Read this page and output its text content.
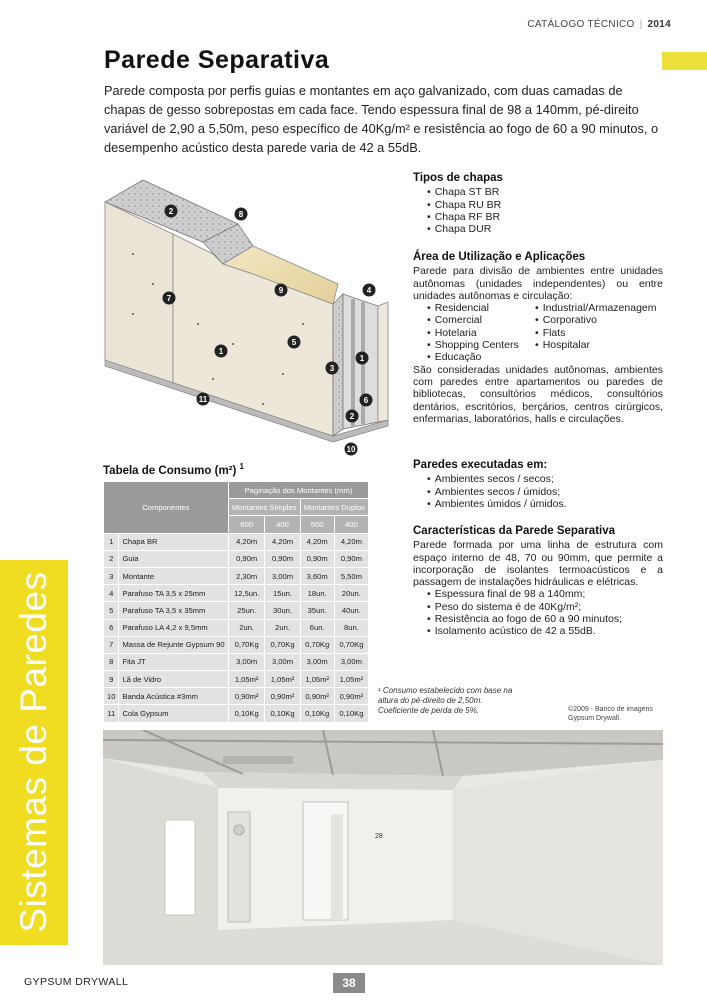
CATÁLOGO TÉCNICO | 2014
Sistemas de Paredes
Parede Separativa

Parede composta por perfis guias e montantes em aço galvanizado, com duas camadas de chapas de gesso sobrepostas em cada face. Tendo espessura final de 98 a 140mm, pé-direito variável de 2,90 a 5,50m, peso específico de 40Kg/m² e resistência ao fogo de 60 a 90 minutos, o desempenho acústico desta parede varia de 42 a 55dB.

2	8
7
9	4
5
1
3
1
11	6
2
10
Tipos de chapas
• Chapa ST BR
• Chapa RU BR
• Chapa RF BR
• Chapa DUR
Área de Utilização e Aplicações

Parede para divisão de ambientes entre unidades autônomas (unidades independentes) ou entre unidades autônomas e circulação:

• Residencial
• Comercial
• Hotelaria
• Shopping Centers
• Educação
• Industrial/Armazenagem
• Corporativo
• Flats
• Hospitalar

São consideradas unidades autônomas, ambientes com paredes entre apartamentos ou paredes de bibliotecas, consultórios médicos, consultórios dentários, escritórios, berçários, centros cirúrgicos, enfermarias, laboratórios, halls e circulações.

Paredes executadas em:
• Ambientes secos / secos;
• Ambientes secos / úmidos;
• Ambientes úmidos / úmidos.
Características da Parede Separativa

Parede formada por uma linha de estrutura com espaço interno de 48, 70 ou 90mm, que permite a incorporação de isolantes termoacústicos e a passagem de instalações hidráulicas e elétricas.

• Espessura final de 98 a 140mm;
• Peso do sistema é de 40Kg/m²;
• Resistência ao fogo de 60 a 90 minutos;
• Isolamento acústico de 42 a 55dB.
Tabela de Consumo (m²) $^1$
Componentes		Paginação dos Montantes (mm)			
		Montantes Simples		Montantes Duplos	
		600	400	600	400
1	Chapa BR	4,20m	4,20m	4,20m	4,20m
2	Guia	0,90m	0,90m	0,90m	0,90m
3	Montante	2,30m	3,00m	3,60m	5,50m
4	Parafuso TA 3,5 x 25mm	12,5un.	15un.	18un.	20un.
5	Parafuso TA 3,5 x 35mm	25un.	30un.	35un.	40un.
6	Parafuso LA 4,2 x 9,5mm	2un.	2un.	6un.	8un.
7	Massa de Rejunte Gypsum 90	0,70Kg	0,70Kg	0,70Kg	0,70Kg
8	Fita JT	3,00m	3,00m	3,00m	3,00m
9	Lã de Vidro	1,05m²	1,05m²	1,05m²	1,05m²
10	Banda Acústica #3mm	0,90m²	0,90m²	0,90m²	0,90m²
11	Cola Gypsum	0,10Kg	0,10Kg	0,10Kg	0,10Kg

¹ Consumo estabelecido com base na altura do pé-direito de 2,50m. Coeficiente de perda de 5%.	©2009 - Banco de imagens Gypsum Drywall.

28
GYPSUM DRYWALL	38
